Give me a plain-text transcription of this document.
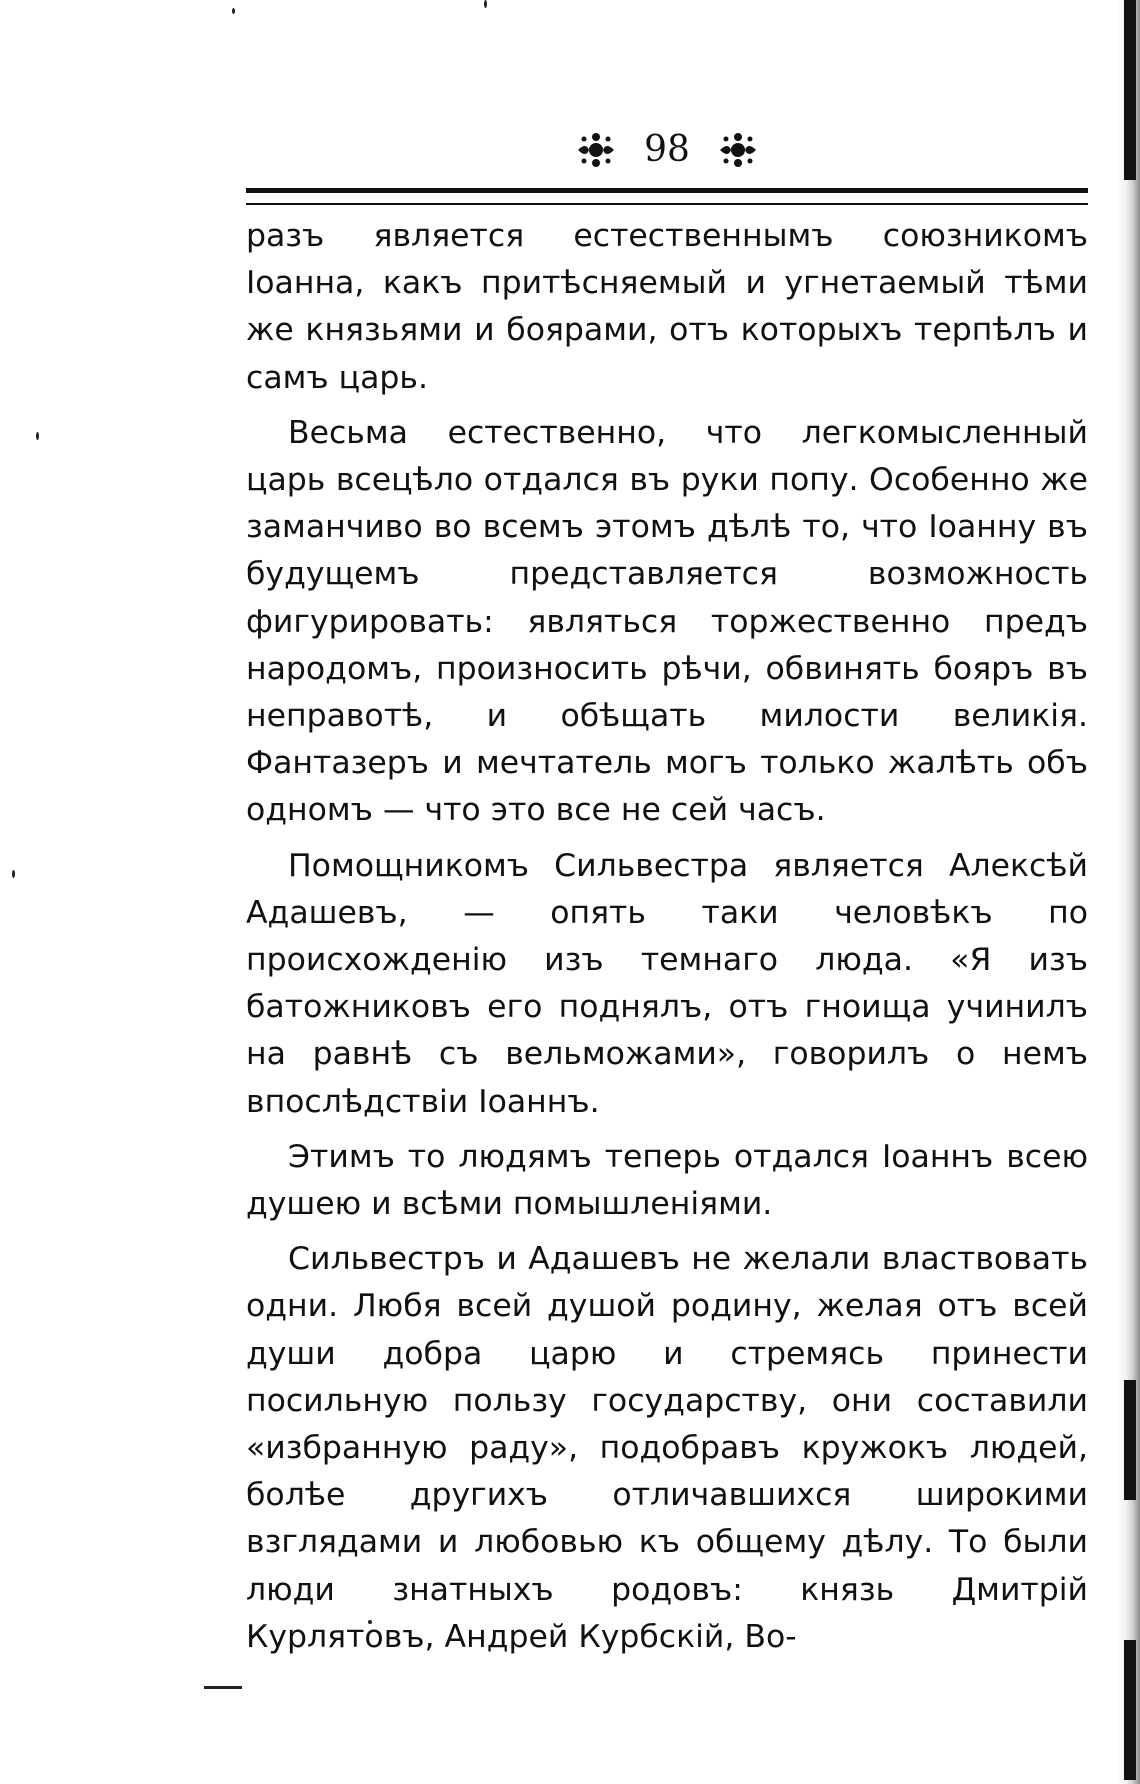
98

разъ является естественнымъ союзникомъ Іоанна, какъ притѣсняемый и угнетаемый тѣми же князьями и боярами, отъ которыхъ терпѣлъ и самъ царь.

Весьма естественно, что легкомысленный царь всецѣло отдался въ руки попу. Особенно же заманчиво во всемъ этомъ дѣлѣ то, что Іоанну въ будущемъ представляется возможность фигурировать: являться торжественно предъ народомъ, произносить рѣчи, обвинять бояръ въ неправотѣ, и обѣщать милости великія. Фантазеръ и мечтатель могъ только жалѣть объ одномъ — что это все не сей часъ.

Помощникомъ Сильвестра является Алексѣй Адашевъ, — опять таки человѣкъ по происхожденію изъ темнаго люда. «Я изъ батожниковъ его поднялъ, отъ гноища учинилъ на равнѣ съ вельможами», говорилъ о немъ впослѣдствіи Іоаннъ.

Этимъ то людямъ теперь отдался Іоаннъ всею душею и всѣми помышленіями.

Сильвестръ и Адашевъ не желали властвовать одни. Любя всей душой родину, желая отъ всей души добра царю и стремясь принести посильную пользу государству, они составили «избранную раду», подобравъ кружокъ людей, болѣе другихъ отличавшихся широкими взглядами и любовью къ общему дѣлу. То были люди знатныхъ родовъ: князь Дмитрій Курлятовъ, Андрей Курбскій, Во-
